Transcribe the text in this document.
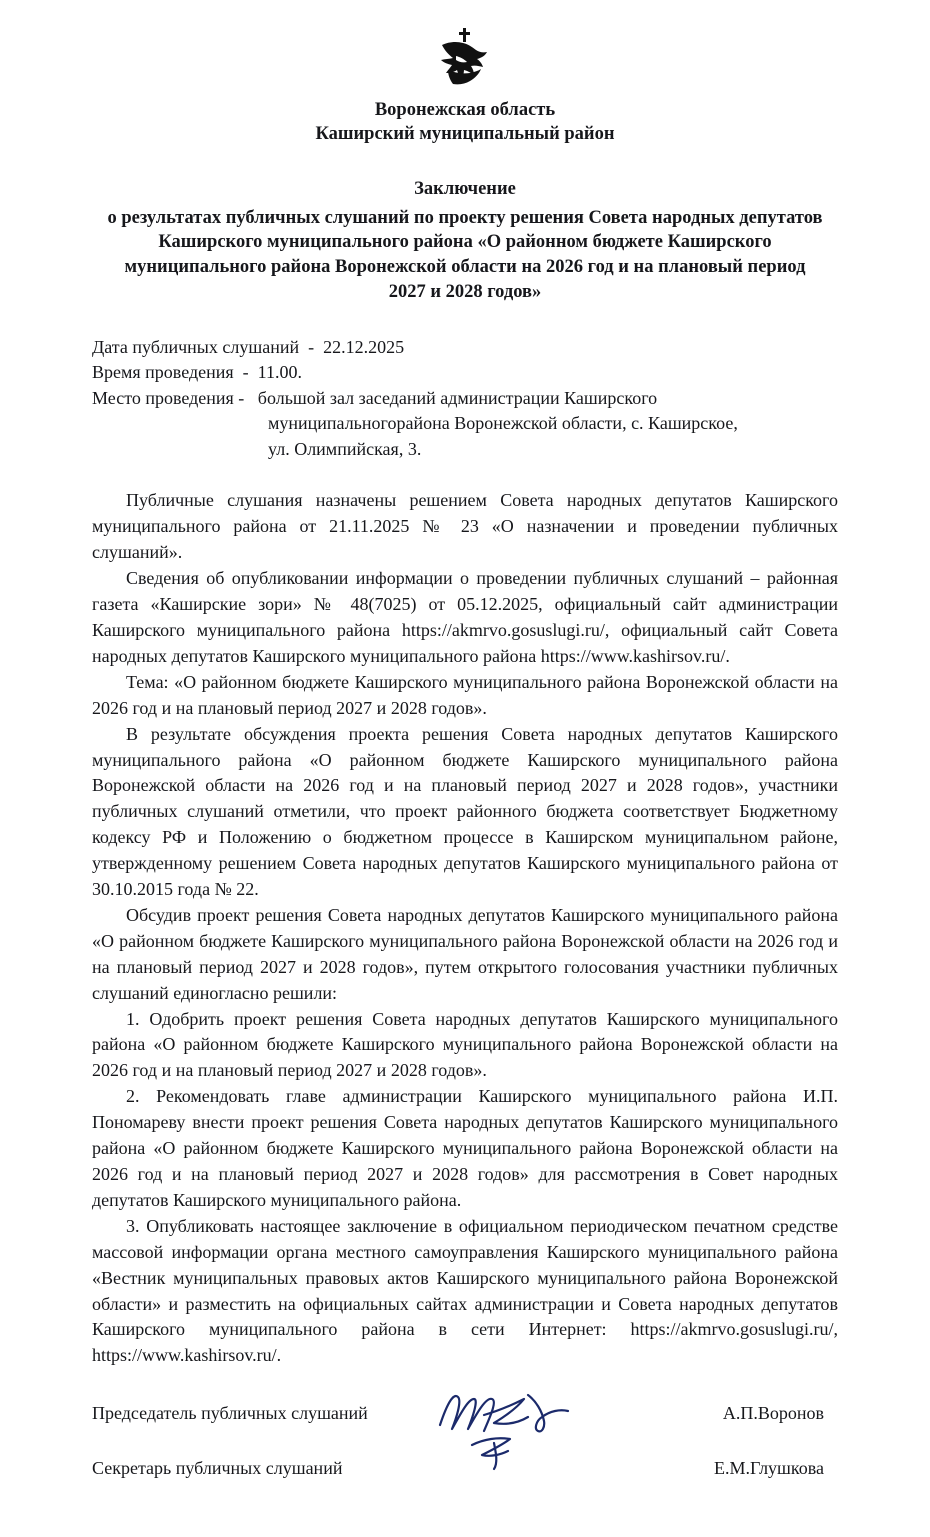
Воронежская область
Каширский муниципальный район
Заключение
о результатах публичных слушаний по проекту решения Совета народных депутатов Каширского муниципального района «О районном бюджете Каширского муниципального района Воронежской области на 2026 год и на плановый период 2027 и 2028 годов»
Дата публичных слушаний  - 22.12.2025
Время проведения  - 11.00.
Место проведения - большой зал заседаний администрации Каширского
муниципальногорайона Воронежской области, с. Каширское,
ул. Олимпийская, 3.

Публичные слушания назначены решением Совета народных депутатов Каширского муниципального района от 21.11.2025 № 23 «О назначении и проведении публичных слушаний».

Сведения об опубликовании информации о проведении публичных слушаний – районная газета «Каширские зори» № 48(7025) от 05.12.2025, официальный сайт администрации Каширского муниципального района https://akmrvo.gosuslugi.ru/, официальный сайт Совета народных депутатов Каширского муниципального района https://www.kashirsov.ru/.

Тема: «О районном бюджете Каширского муниципального района Воронежской области на 2026 год и на плановый период 2027 и 2028 годов».

В результате обсуждения проекта решения Совета народных депутатов Каширского муниципального района «О районном бюджете Каширского муниципального района Воронежской области на 2026 год и на плановый период 2027 и 2028 годов», участники публичных слушаний отметили, что проект районного бюджета соответствует Бюджетному кодексу РФ и Положению о бюджетном процессе в Каширском муниципальном районе, утвержденному решением Совета народных депутатов Каширского муниципального района от 30.10.2015 года № 22.

Обсудив проект решения Совета народных депутатов Каширского муниципального района «О районном бюджете Каширского муниципального района Воронежской области на 2026 год и на плановый период 2027 и 2028 годов», путем открытого голосования участники публичных слушаний единогласно решили:

1. Одобрить проект решения Совета народных депутатов Каширского муниципального района «О районном бюджете Каширского муниципального района Воронежской области на 2026 год и на плановый период 2027 и 2028 годов».

2. Рекомендовать главе администрации Каширского муниципального района И.П. Пономареву внести проект решения Совета народных депутатов Каширского муниципального района «О районном бюджете Каширского муниципального района Воронежской области на 2026 год и на плановый период 2027 и 2028 годов» для рассмотрения в Совет народных депутатов Каширского муниципального района.

3. Опубликовать настоящее заключение в официальном периодическом печатном средстве массовой информации органа местного самоуправления Каширского муниципального района «Вестник муниципальных правовых актов Каширского муниципального района Воронежской области» и разместить на официальных сайтах администрации и Совета народных депутатов Каширского муниципального района в сети Интернет: https://akmrvo.gosuslugi.ru/, https://www.kashirsov.ru/.

Председатель публичных слушаний	А.П.Воронов
Секретарь публичных слушаний	Е.М.Глушкова
